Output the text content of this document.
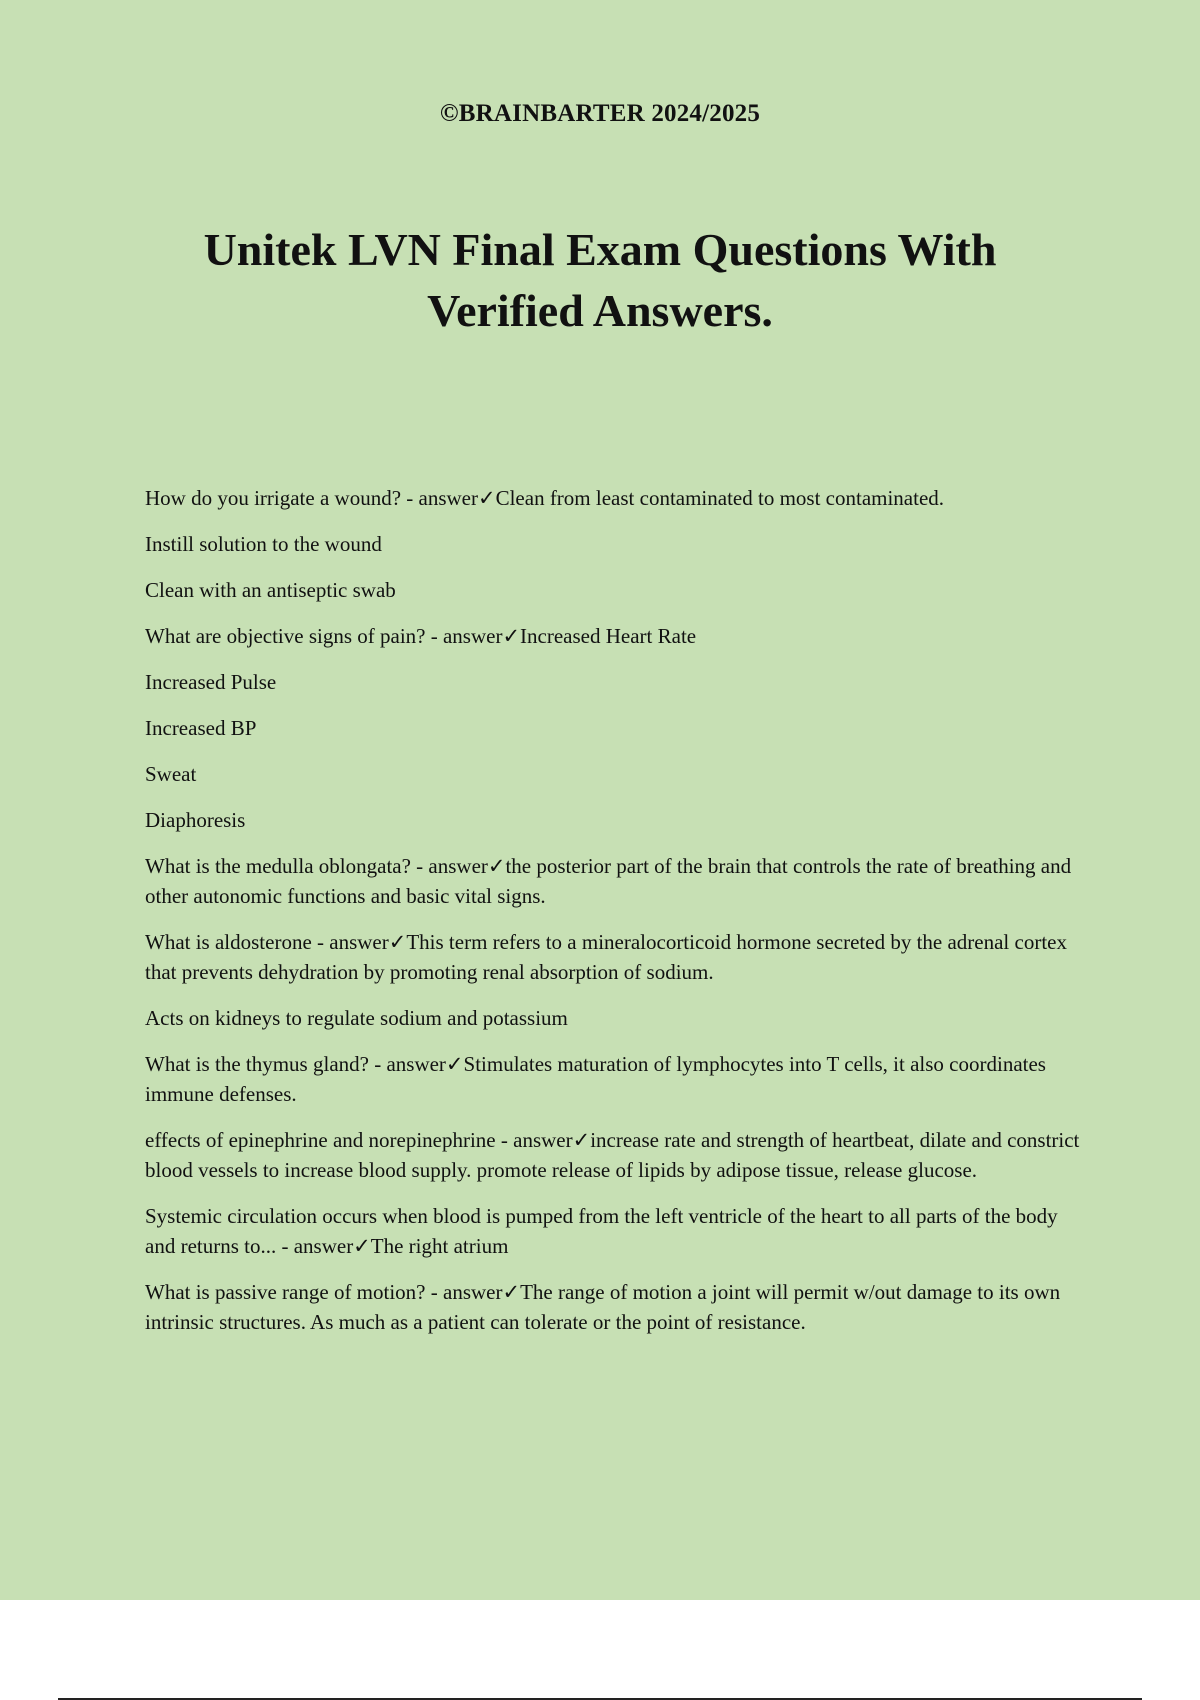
©BRAINBARTER 2024/2025
Unitek LVN Final Exam Questions With
Verified Answers.

How do you irrigate a wound? - answer✓Clean from least contaminated to most contaminated.

Instill solution to the wound

Clean with an antiseptic swab

What are objective signs of pain? - answer✓Increased Heart Rate

Increased Pulse

Increased BP

Sweat

Diaphoresis

What is the medulla oblongata? - answer✓the posterior part of the brain that controls the rate of breathing and other autonomic functions and basic vital signs.

What is aldosterone - answer✓This term refers to a mineralocorticoid hormone secreted by the adrenal cortex that prevents dehydration by promoting renal absorption of sodium.

Acts on kidneys to regulate sodium and potassium

What is the thymus gland? - answer✓Stimulates maturation of lymphocytes into T cells, it also coordinates immune defenses.

effects of epinephrine and norepinephrine - answer✓increase rate and strength of heartbeat, dilate and constrict blood vessels to increase blood supply. promote release of lipids by adipose tissue, release glucose.

Systemic circulation occurs when blood is pumped from the left ventricle of the heart to all parts of the body and returns to... - answer✓The right atrium

What is passive range of motion? - answer✓The range of motion a joint will permit w/out damage to its own intrinsic structures. As much as a patient can tolerate or the point of resistance.
